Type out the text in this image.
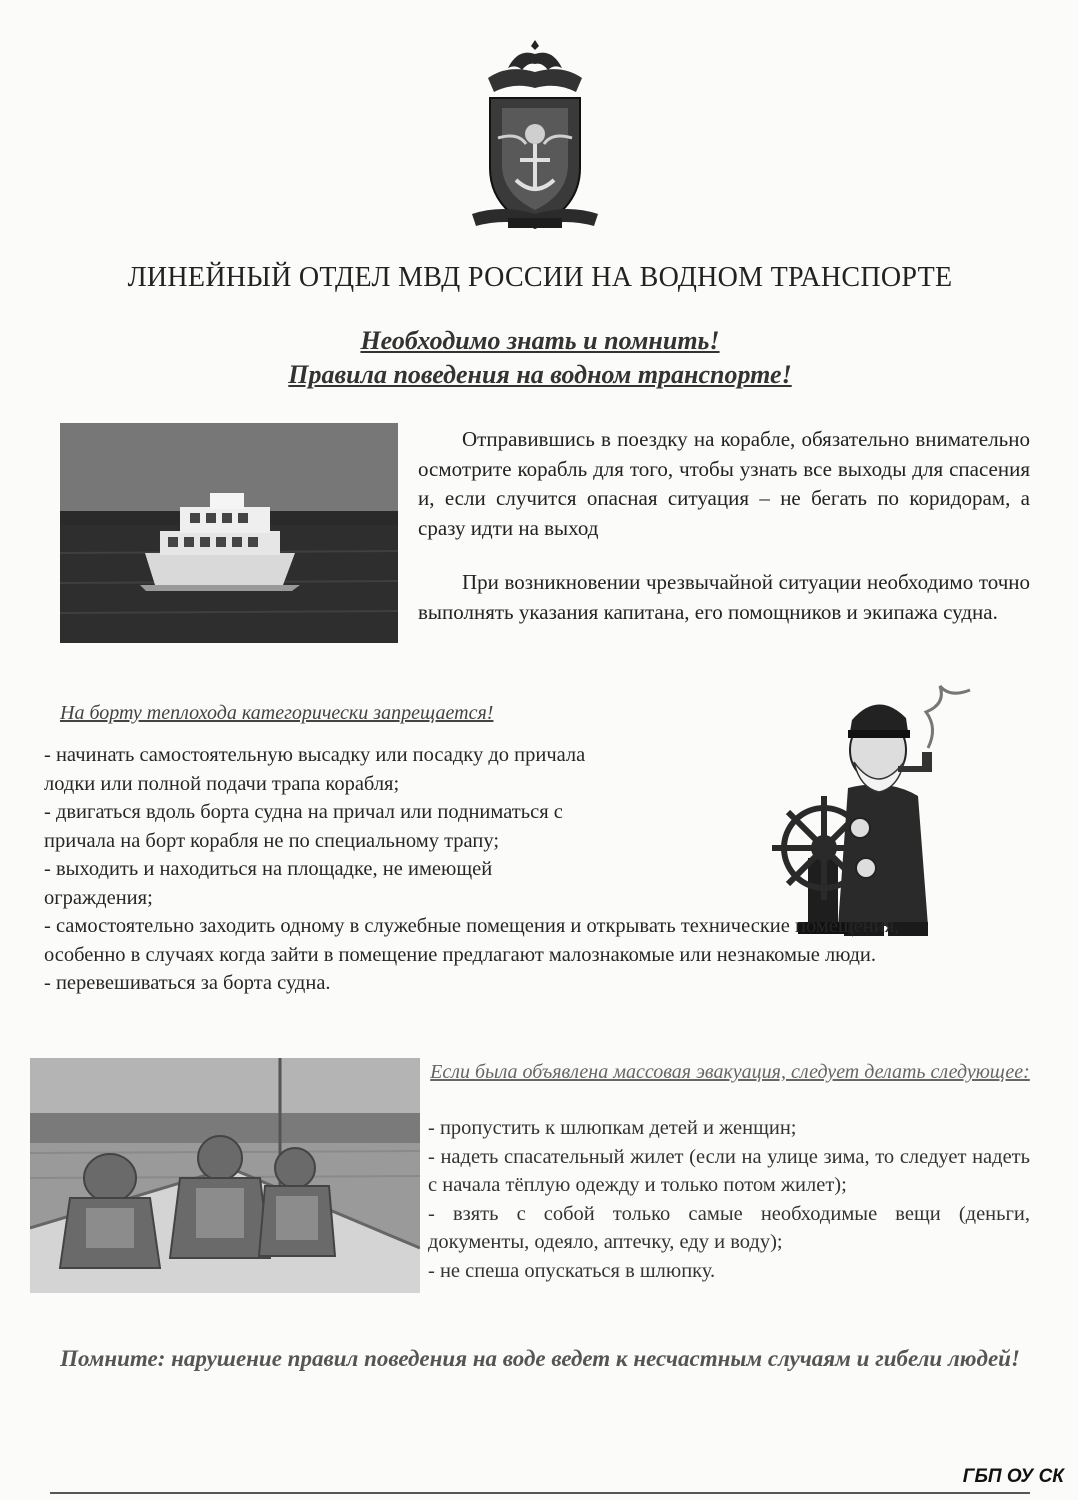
ЛИНЕЙНЫЙ ОТДЕЛ МВД РОССИИ НА ВОДНОМ ТРАНСПОРТЕ
Необходимо знать и помнить!
Правила поведения на водном транспорте!
Отправившись в поездку на корабле, обязательно внимательно осмотрите корабль для того, чтобы узнать все выходы для спасения и, если случится опасная ситуация – не бегать по коридорам, а сразу идти на выход
При возникновении чрезвычайной ситуации необходимо точно выполнять указания капитана, его помощников и экипажа судна.
На борту теплохода категорически запрещается!
- начинать самостоятельную высадку или посадку до причала лодки или полной подачи трапа корабля;
- двигаться вдоль борта судна на причал или подниматься с причала на борт корабля не по специальному трапу;
- выходить и находиться на площадке, не имеющей ограждения;
- самостоятельно заходить одному в служебные помещения и открывать технические помещения, особенно в случаях когда зайти в помещение предлагают малознакомые или незнакомые люди.
- перевешиваться за борта судна.
Если была объявлена массовая эвакуация, следует делать следующее:
- пропустить к шлюпкам детей и женщин;
- надеть спасательный жилет (если на улице зима, то следует надеть с начала тёплую одежду и только потом жилет);
- взять с собой только самые необходимые вещи (деньги, документы, одеяло, аптечку, еду и воду);
- не спеша опускаться в шлюпку.
Помните: нарушение правил поведения на воде ведет к несчастным случаям и гибели людей!
ГБП ОУ СК
